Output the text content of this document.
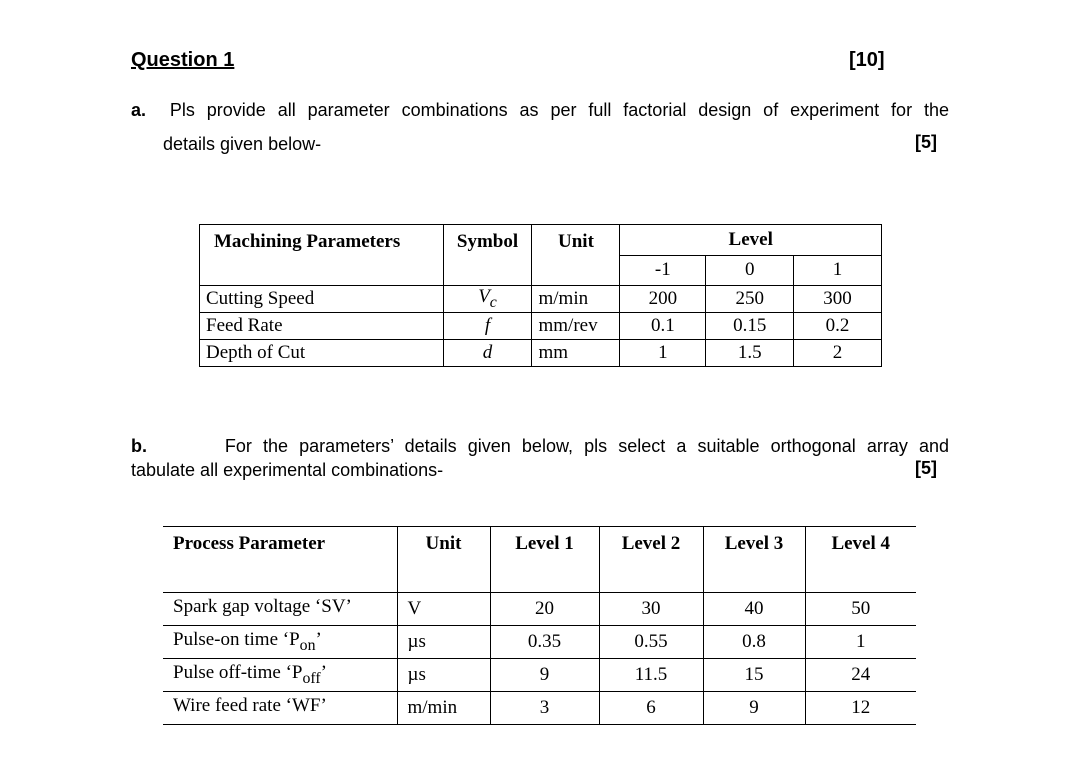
Question 1	[10]
a. Pls provide all parameter combinations as per full factorial design of experiment for the
details given below-	[5]
Machining Parameters	Symbol	Unit	Level		
			-1	0	1
Cutting Speed	$V_c$	m/min	200	250	300
Feed Rate	f	mm/rev	0.1	0.15	0.2
Depth of Cut	d	mm	1	1.5	2
b.	For the parameters’ details given below, pls select a suitable orthogonal array and
tabulate all experimental combinations-	[5]
Process Parameter	Unit	Level 1	Level 2	Level 3	Level 4
Spark gap voltage ‘SV’	V	20	30	40	50
Pulse-on time ‘$P_{on}$’	µs	0.35	0.55	0.8	1
Pulse off-time ‘$P_{off}$’	µs	9	11.5	15	24
Wire feed rate ‘WF’	m/min	3	6	9	12
